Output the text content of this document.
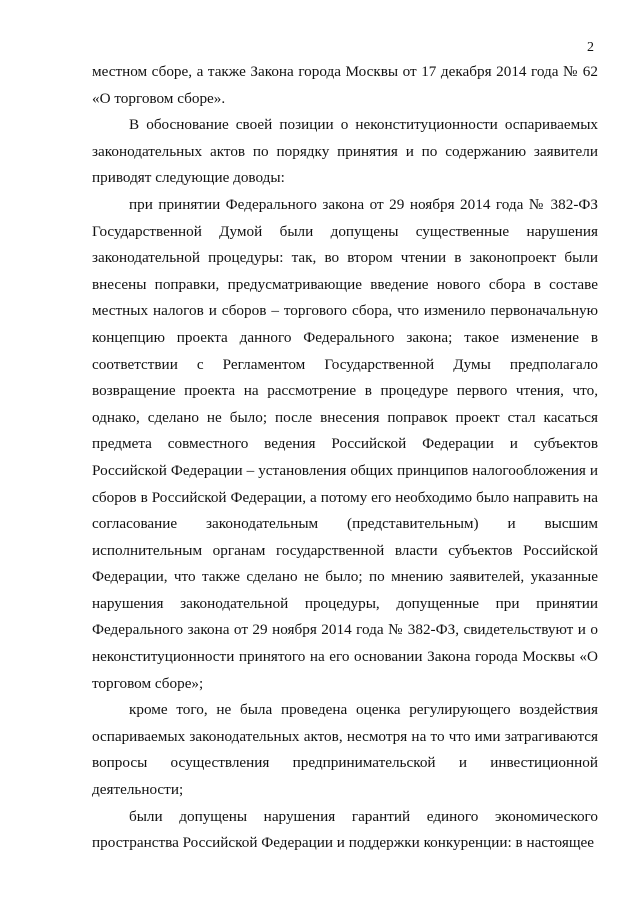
2

местном сборе, а также Закона города Москвы от 17 декабря 2014 года № 62 «О торговом сборе».

В обоснование своей позиции о неконституционности оспариваемых законодательных актов по порядку принятия и по содержанию заявители приводят следующие доводы:

при принятии Федерального закона от 29 ноября 2014 года № 382-ФЗ Государственной Думой были допущены существенные нарушения законодательной процедуры: так, во втором чтении в законопроект были внесены поправки, предусматривающие введение нового сбора в составе местных налогов и сборов – торгового сбора, что изменило первоначальную концепцию проекта данного Федерального закона; такое изменение в соответствии с Регламентом Государственной Думы предполагало возвращение проекта на рассмотрение в процедуре первого чтения, что, однако, сделано не было; после внесения поправок проект стал касаться предмета совместного ведения Российской Федерации и субъектов Российской Федерации – установления общих принципов налогообложения и сборов в Российской Федерации, а потому его необходимо было направить на согласование законодательным (представительным) и высшим исполнительным органам государственной власти субъектов Российской Федерации, что также сделано не было; по мнению заявителей, указанные нарушения законодательной процедуры, допущенные при принятии Федерального закона от 29 ноября 2014 года № 382-ФЗ, свидетельствуют и о неконституционности принятого на его основании Закона города Москвы «О торговом сборе»;

кроме того, не была проведена оценка регулирующего воздействия оспариваемых законодательных актов, несмотря на то что ими затрагиваются вопросы осуществления предпринимательской и инвестиционной деятельности;

были допущены нарушения гарантий единого экономического пространства Российской Федерации и поддержки конкуренции: в настоящее
